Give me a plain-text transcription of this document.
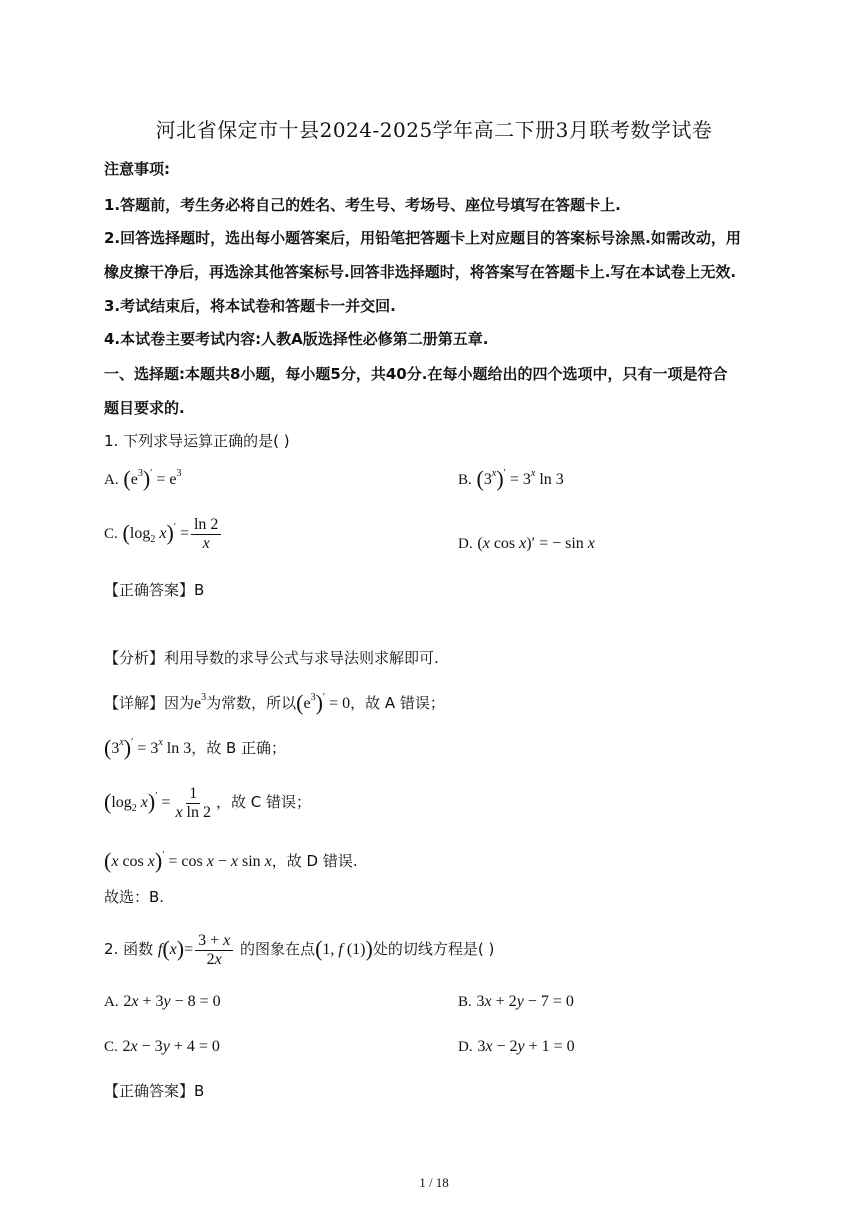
河北省保定市十县2024-2025学年高二下册3月联考数学试卷
注意事项:
1.答题前，考生务必将自己的姓名、考生号、考场号、座位号填写在答题卡上.
2.回答选择题时，选出每小题答案后，用铅笔把答题卡上对应题目的答案标号涂黑.如需改动，用
橡皮擦干净后，再选涂其他答案标号.回答非选择题时，将答案写在答题卡上.写在本试卷上无效.
3.考试结束后，将本试卷和答题卡一并交回.
4.本试卷主要考试内容:人教A版选择性必修第二册第五章.
一、选择题:本题共8小题，每小题5分，共40分.在每小题给出的四个选项中，只有一项是符合
题目要求的.
1. 下列求导运算正确的是( )
A. $(e^3)' = e^3$	B. $(3^x)' = 3^x$ ln 3
C. ($\log_2$ $x)' = \frac{\ln 2}{x}$	D. (x cos x)′ = − sin x
【正确答案】B
【分析】利用导数的求导公式与求导法则求解即可.
【详解】因为$e^3$为常数，所以$(e^3)' = 0$，故 A 错误；
$(3^x)' = 3^x$ ln 3，故 B 正确；
($\log_2$ $x)' = \frac{1}{\text{x ln 2}}$ ，故 C 错误；
(x cos x)′ = cos x − x sin x，故 D 错误.
故选：B.
2. 函数 $f(x)= \frac{3 + x}{2x}$ 的图象在点(1, f (1))处的切线方程是( )
A. 2x + 3y − 8 = 0	B. 3x + 2y − 7 = 0
C. 2x − 3y + 4 = 0	D. 3x − 2y + 1 = 0
【正确答案】B
1 / 18
